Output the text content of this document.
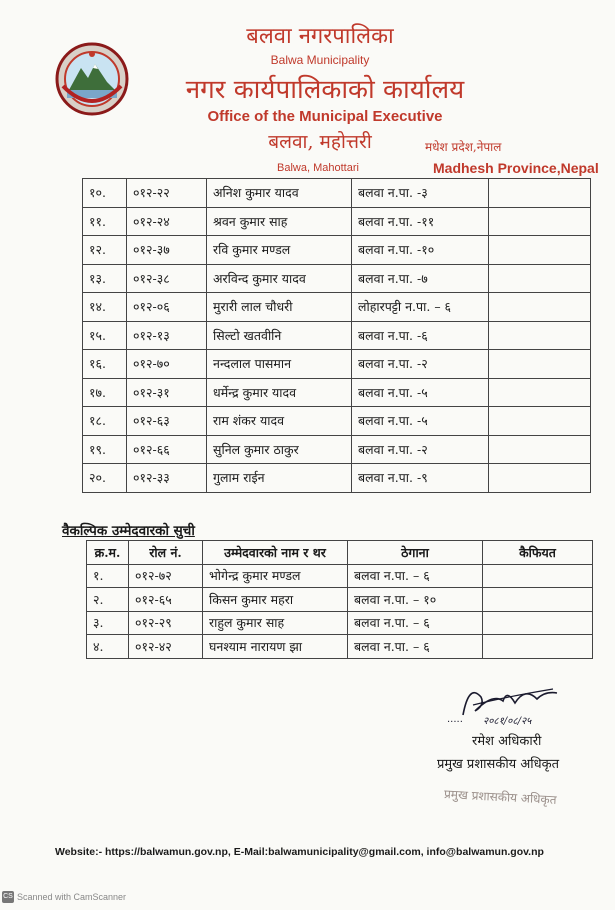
बलवा नगरपालिका
Balwa Municipality
नगर कार्यपालिकाको कार्यालय
Office of the Municipal Executive
बलवा, महोत्तरी	मधेश प्रदेश,नेपाल
Balwa, Mahottari	Madhesh Province,Nepal
१०.	०१२-२२	अनिश कुमार यादव	बलवा न.पा. -३	
११.	०१२-२४	श्रवन कुमार साह	बलवा न.पा. -११	
१२.	०१२-३७	रवि कुमार मण्डल	बलवा न.पा. -१०	
१३.	०१२-३८	अरविन्द कुमार यादव	बलवा न.पा. -७	
१४.	०१२-०६	मुरारी लाल चौधरी	लोहारपट्टी न.पा. – ६	
१५.	०१२-१३	सिल्टो खतवीनि	बलवा न.पा. -६	
१६.	०१२-७०	नन्दलाल पासमान	बलवा न.पा. -२	
१७.	०१२-३१	धर्मेन्द्र कुमार यादव	बलवा न.पा. -५	
१८.	०१२-६३	राम शंकर यादव	बलवा न.पा. -५	
१९.	०१२-६६	सुनिल कुमार ठाकुर	बलवा न.पा. -२	
२०.	०१२-३३	गुलाम राईन	बलवा न.पा. -९	
वैकल्पिक उम्मेदवारको सुची
क्र.म.	रोल नं.	उम्मेदवारको नाम र थर	ठेगाना	कैफियत
१.	०१२-७२	भोगेन्द्र कुमार मण्डल	बलवा न.पा. – ६	
२.	०१२-६५	किसन कुमार महरा	बलवा न.पा. – १०	
३.	०१२-२९	राहुल कुमार साह	बलवा न.पा. – ६	
४.	०१२-४२	घनश्याम नारायण झा	बलवा न.पा. – ६	
..... २०८१/०८/२५
रमेश अधिकारी
प्रमुख प्रशासकीय अधिकृत
प्रमुख प्रशासकीय अधिकृत
Website:- https://balwamun.gov.np, E-Mail:balwamunicipality@gmail.com, info@balwamun.gov.np
CS Scanned with CamScanner
